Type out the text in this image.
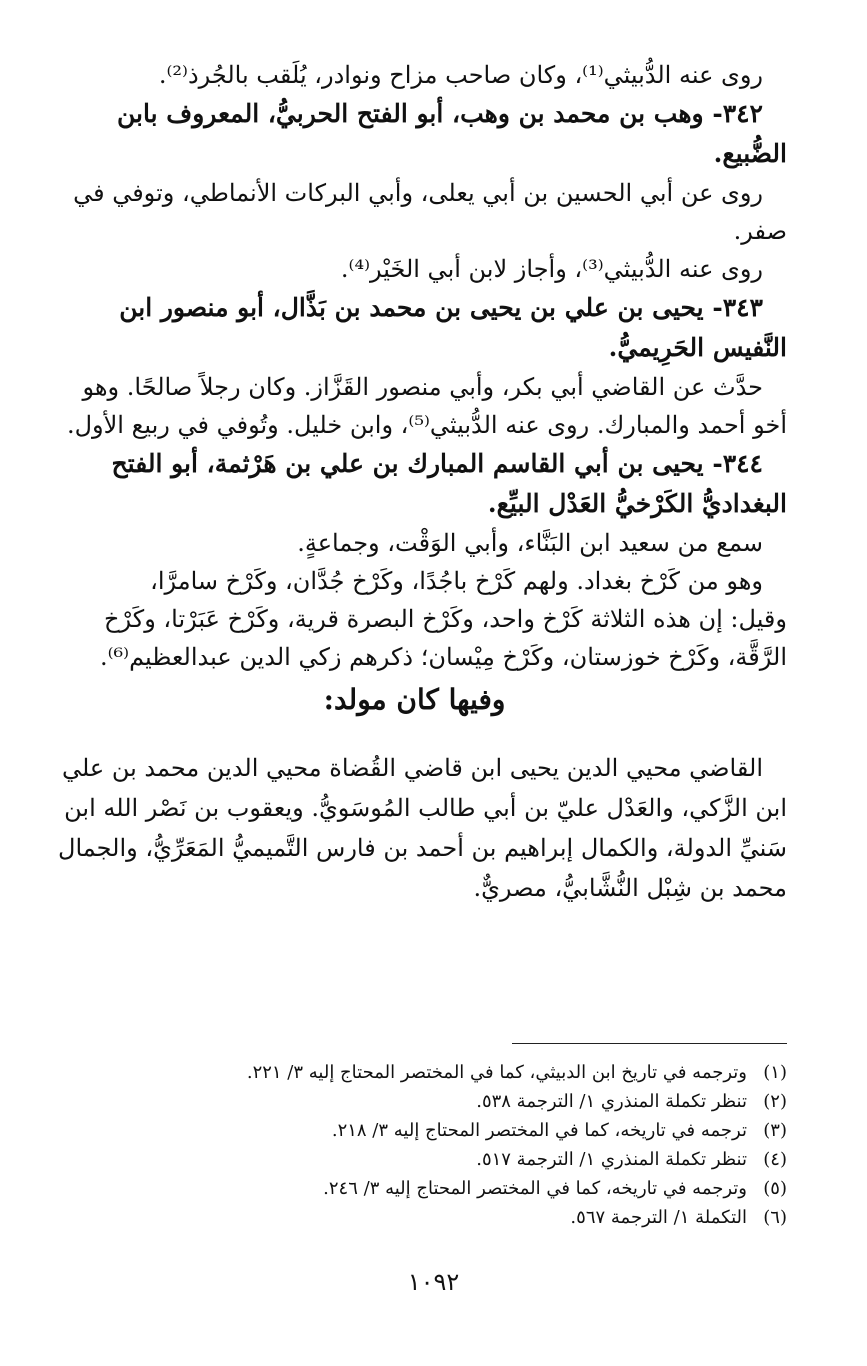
روى عنه الدُّبيثي⁽¹⁾، وكان صاحب مزاح ونوادر، يُلَقب بالجُرذ⁽²⁾.
٣٤٢- وهب بن محمد بن وهب، أبو الفتح الحربيُّ، المعروف بابن
الضُّبيع.
روى عن أبي الحسين بن أبي يعلى، وأبي البركات الأنماطي، وتوفي في
صفر.
روى عنه الدُّبيثي⁽³⁾، وأجاز لابن أبي الخَيْر⁽⁴⁾.
٣٤٣- يحيى بن علي بن يحيى بن محمد بن بَذَّال، أبو منصور ابن
النَّفيس الحَرِيميُّ.
حدَّث عن القاضي أبي بكر، وأبي منصور القَزَّاز. وكان رجلاً صالحًا. وهو
أخو أحمد والمبارك. روى عنه الدُّبيثي⁽⁵⁾، وابن خليل. وتُوفي في ربيع الأول.
٣٤٤- يحيى بن أبي القاسم المبارك بن علي بن هَرْثمة، أبو الفتح
البغداديُّ الكَرْخيُّ العَدْل البيِّع.
سمع من سعيد ابن البَنَّاء، وأبي الوَقْت، وجماعةٍ.
وهو من كَرْخ بغداد. ولهم كَرْخ باجُدًا، وكَرْخ جُدَّان، وكَرْخ سامرَّا،
وقيل: إن هذه الثلاثة كَرْخ واحد، وكَرْخ البصرة قرية، وكَرْخ عَبَرْتا، وكَرْخ
الرَّقَّة، وكَرْخ خوزستان، وكَرْخ مِيْسان؛ ذكرهم زكي الدين عبدالعظيم⁽⁶⁾.
وفيها كان مولد:
القاضي محيي الدين يحيى ابن قاضي القُضاة محيي الدين محمد بن علي
ابن الزَّكي، والعَدْل عليّ بن أبي طالب المُوسَويُّ. ويعقوب بن نَصْر الله ابن
سَنيِّ الدولة، والكمال إبراهيم بن أحمد بن فارس التَّميميُّ المَعَرِّيُّ، والجمال
محمد بن شِبْل النُّشَّابيُّ، مصريٌّ.
(١)وترجمه في تاريخ ابن الدبيثي، كما في المختصر المحتاج إليه ٣/ ٢٢١.
(٢)تنظر تكملة المنذري ١/ الترجمة ٥٣٨.
(٣)ترجمه في تاريخه، كما في المختصر المحتاج إليه ٣/ ٢١٨.
(٤)تنظر تكملة المنذري ١/ الترجمة ٥١٧.
(٥)وترجمه في تاريخه، كما في المختصر المحتاج إليه ٣/ ٢٤٦.
(٦)التكملة ١/ الترجمة ٥٦٧.
١٠٩٢
